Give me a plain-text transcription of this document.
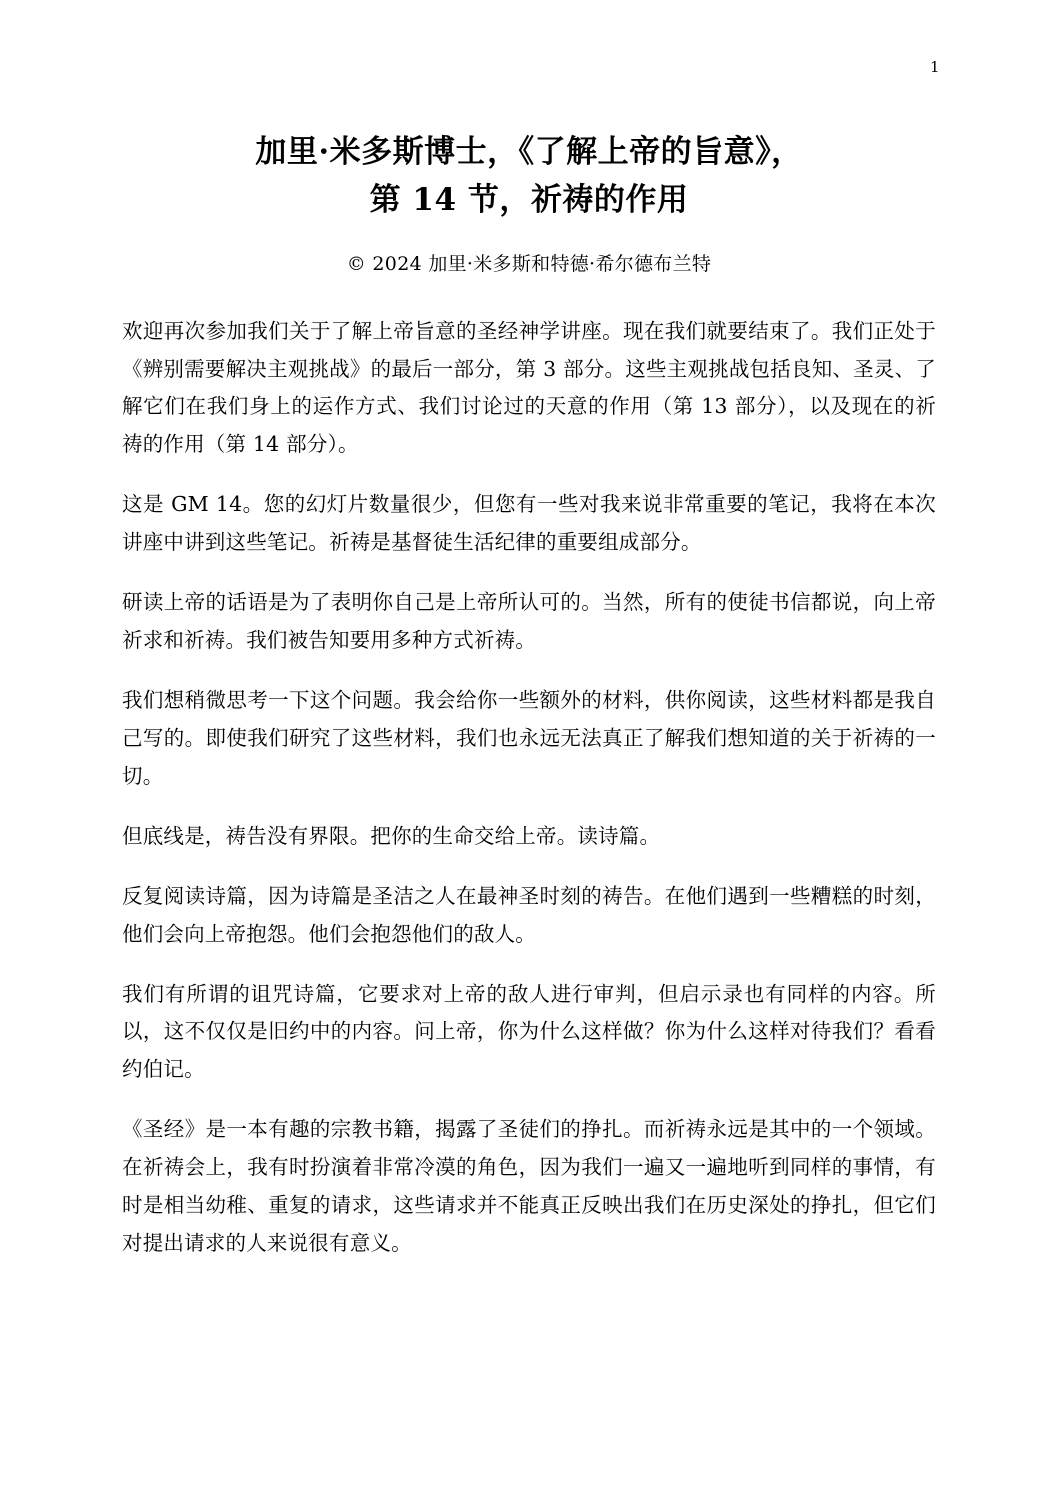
1
加里·米多斯博士，《了解上帝的旨意》，
第 14 节，祈祷的作用
© 2024 加里·米多斯和特德·希尔德布兰特

欢迎再次参加我们关于了解上帝旨意的圣经神学讲座。现在我们就要结束了。我们正处于《辨别需要解决主观挑战》的最后一部分，第 3 部分。这些主观挑战包括良知、圣灵、了解它们在我们身上的运作方式、我们讨论过的天意的作用（第 13 部分），以及现在的祈祷的作用（第 14 部分）。

这是 GM 14。您的幻灯片数量很少，但您有一些对我来说非常重要的笔记，我将在本次讲座中讲到这些笔记。祈祷是基督徒生活纪律的重要组成部分。

研读上帝的话语是为了表明你自己是上帝所认可的。当然，所有的使徒书信都说，向上帝祈求和祈祷。我们被告知要用多种方式祈祷。

我们想稍微思考一下这个问题。我会给你一些额外的材料，供你阅读，这些材料都是我自己写的。即使我们研究了这些材料，我们也永远无法真正了解我们想知道的关于祈祷的一切。

但底线是，祷告没有界限。把你的生命交给上帝。读诗篇。

反复阅读诗篇，因为诗篇是圣洁之人在最神圣时刻的祷告。在他们遇到一些糟糕的时刻，他们会向上帝抱怨。他们会抱怨他们的敌人。

我们有所谓的诅咒诗篇，它要求对上帝的敌人进行审判，但启示录也有同样的内容。所以，这不仅仅是旧约中的内容。问上帝，你为什么这样做？你为什么这样对待我们？看看约伯记。

《圣经》是一本有趣的宗教书籍，揭露了圣徒们的挣扎。而祈祷永远是其中的一个领域。在祈祷会上，我有时扮演着非常冷漠的角色，因为我们一遍又一遍地听到同样的事情，有时是相当幼稚、重复的请求，这些请求并不能真正反映出我们在历史深处的挣扎，但它们对提出请求的人来说很有意义。
